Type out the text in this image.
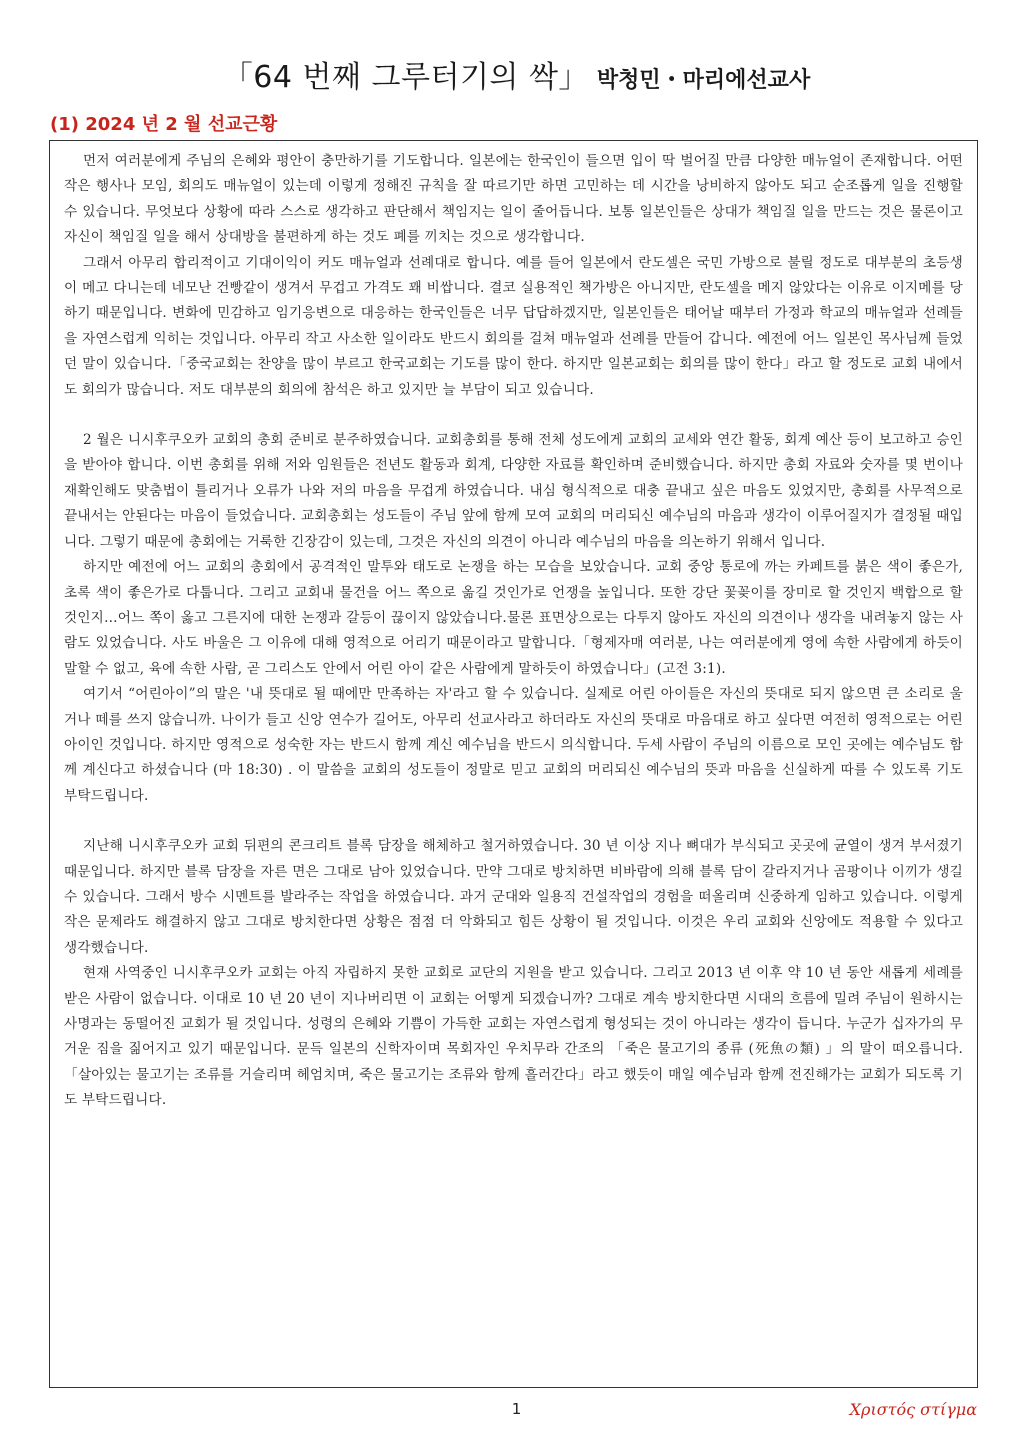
「64 번째 그루터기의 싹」 박청민・마리에선교사
(1) 2024 년 2 월 선교근황

먼저 여러분에게 주님의 은혜와 평안이 충만하기를 기도합니다. 일본에는 한국인이 들으면 입이 딱 벌어질 만큼 다양한 매뉴얼이 존재합니다. 어떤 작은 행사나 모임, 회의도 매뉴얼이 있는데 이렇게 정해진 규칙을 잘 따르기만 하면 고민하는 데 시간을 낭비하지 않아도 되고 순조롭게 일을 진행할 수 있습니다. 무엇보다 상황에 따라 스스로 생각하고 판단해서 책임지는 일이 줄어듭니다. 보통 일본인들은 상대가 책임질 일을 만드는 것은 물론이고 자신이 책임질 일을 해서 상대방을 불편하게 하는 것도 폐를 끼치는 것으로 생각합니다.

그래서 아무리 합리적이고 기대이익이 커도 매뉴얼과 선례대로 합니다. 예를 들어 일본에서 란도셀은 국민 가방으로 불릴 정도로 대부분의 초등생이 메고 다니는데 네모난 건빵같이 생겨서 무겁고 가격도 꽤 비쌉니다. 결코 실용적인 책가방은 아니지만, 란도셀을 메지 않았다는 이유로 이지메를 당하기 때문입니다. 변화에 민감하고 임기응변으로 대응하는 한국인들은 너무 답답하겠지만, 일본인들은 태어날 때부터 가정과 학교의 매뉴얼과 선례들을 자연스럽게 익히는 것입니다. 아무리 작고 사소한 일이라도 반드시 회의를 걸쳐 매뉴얼과 선례를 만들어 갑니다. 예전에 어느 일본인 목사님께 들었던 말이 있습니다.「중국교회는 찬양을 많이 부르고 한국교회는 기도를 많이 한다. 하지만 일본교회는 회의를 많이 한다」라고 할 정도로 교회 내에서도 회의가 많습니다. 저도 대부분의 회의에 참석은 하고 있지만 늘 부담이 되고 있습니다.

2 월은 니시후쿠오카 교회의 총회 준비로 분주하였습니다. 교회총회를 통해 전체 성도에게 교회의 교세와 연간 활동, 회계 예산 등이 보고하고 승인을 받아야 합니다. 이번 총회를 위해 저와 임원들은 전년도 활동과 회계, 다양한 자료를 확인하며 준비했습니다. 하지만 총회 자료와 숫자를 몇 번이나 재확인해도 맞춤법이 틀리거나 오류가 나와 저의 마음을 무겁게 하였습니다. 내심 형식적으로 대충 끝내고 싶은 마음도 있었지만, 총회를 사무적으로 끝내서는 안된다는 마음이 들었습니다. 교회총회는 성도들이 주님 앞에 함께 모여 교회의 머리되신 예수님의 마음과 생각이 이루어질지가 결정될 때입니다. 그렇기 때문에 총회에는 거룩한 긴장감이 있는데, 그것은 자신의 의견이 아니라 예수님의 마음을 의논하기 위해서 입니다.

하지만 예전에 어느 교회의 총회에서 공격적인 말투와 태도로 논쟁을 하는 모습을 보았습니다. 교회 중앙 통로에 까는 카페트를 붉은 색이 좋은가, 초록 색이 좋은가로 다툽니다. 그리고 교회내 물건을 어느 쪽으로 옮길 것인가로 언쟁을 높입니다. 또한 강단 꽃꽂이를 장미로 할 것인지 백합으로 할 것인지…어느 쪽이 옳고 그른지에 대한 논쟁과 갈등이 끊이지 않았습니다.물론 표면상으로는 다투지 않아도 자신의 의견이나 생각을 내려놓지 않는 사람도 있었습니다. 사도 바울은 그 이유에 대해 영적으로 어리기 때문이라고 말합니다.「형제자매 여러분, 나는 여러분에게 영에 속한 사람에게 하듯이 말할 수 없고, 육에 속한 사람, 곧 그리스도 안에서 어린 아이 같은 사람에게 말하듯이 하였습니다」(고전 3:1).

여기서 “어린아이”의 말은 '내 뜻대로 될 때에만 만족하는 자'라고 할 수 있습니다. 실제로 어린 아이들은 자신의 뜻대로 되지 않으면 큰 소리로 울거나 떼를 쓰지 않습니까. 나이가 들고 신앙 연수가 길어도, 아무리 선교사라고 하더라도 자신의 뜻대로 마음대로 하고 싶다면 여전히 영적으로는 어린 아이인 것입니다. 하지만 영적으로 성숙한 자는 반드시 함께 계신 예수님을 반드시 의식합니다. 두세 사람이 주님의 이름으로 모인 곳에는 예수님도 함께 계신다고 하셨습니다 (마 18:30) . 이 말씀을 교회의 성도들이 정말로 믿고 교회의 머리되신 예수님의 뜻과 마음을 신실하게 따를 수 있도록 기도 부탁드립니다.

지난해 니시후쿠오카 교회 뒤편의 콘크리트 블록 담장을 해체하고 철거하였습니다. 30 년 이상 지나 뼈대가 부식되고 곳곳에 균열이 생겨 부서졌기 때문입니다. 하지만 블록 담장을 자른 면은 그대로 남아 있었습니다. 만약 그대로 방치하면 비바람에 의해 블록 담이 갈라지거나 곰팡이나 이끼가 생길 수 있습니다. 그래서 방수 시멘트를 발라주는 작업을 하였습니다. 과거 군대와 일용직 건설작업의 경험을 떠올리며 신중하게 임하고 있습니다. 이렇게 작은 문제라도 해결하지 않고 그대로 방치한다면 상황은 점점 더 악화되고 힘든 상황이 될 것입니다. 이것은 우리 교회와 신앙에도 적용할 수 있다고 생각했습니다.

현재 사역중인 니시후쿠오카 교회는 아직 자립하지 못한 교회로 교단의 지원을 받고 있습니다. 그리고 2013 년 이후 약 10 년 동안 새롭게 세례를 받은 사람이 없습니다. 이대로 10 년 20 년이 지나버리면 이 교회는 어떻게 되겠습니까? 그대로 계속 방치한다면 시대의 흐름에 밀려 주님이 원하시는 사명과는 동떨어진 교회가 될 것입니다. 성령의 은혜와 기쁨이 가득한 교회는 자연스럽게 형성되는 것이 아니라는 생각이 듭니다. 누군가 십자가의 무거운 짐을 짊어지고 있기 때문입니다. 문득 일본의 신학자이며 목회자인 우치무라 간조의 「죽은 물고기의 종류 (死魚の類) 」의 말이 떠오릅니다. 「살아있는 물고기는 조류를 거슬리며 헤엄치며, 죽은 물고기는 조류와 함께 흘러간다」라고 했듯이 매일 예수님과 함께 전진해가는 교회가 되도록 기도 부탁드립니다.

1	Χριστός στίγμα
